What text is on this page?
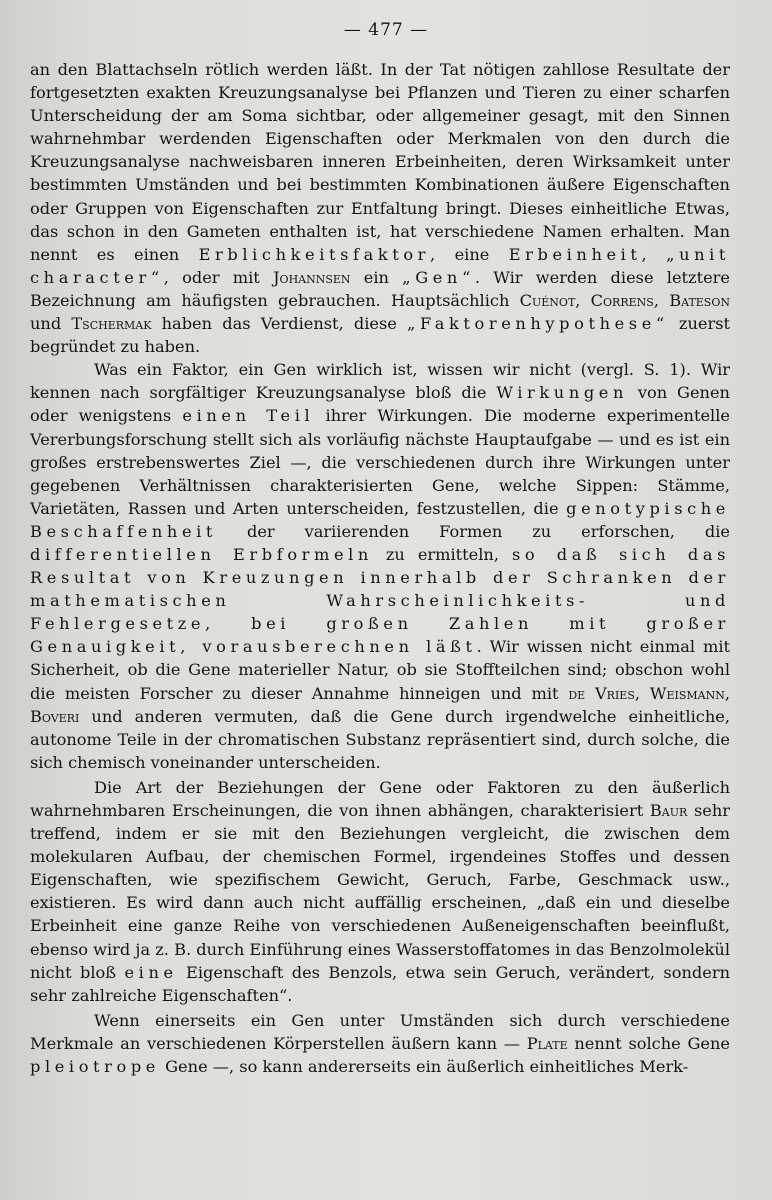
— 477 —

an den Blattachseln rötlich werden läßt. In der Tat nötigen zahllose Resultate der fortgesetzten exakten Kreuzungsanalyse bei Pflanzen und Tieren zu einer scharfen Unterscheidung der am Soma sichtbar, oder allgemeiner gesagt, mit den Sinnen wahrnehmbar werdenden Eigenschaften oder Merkmalen von den durch die Kreuzungsanalyse nachweisbaren inneren Erbeinheiten, deren Wirksamkeit unter bestimmten Umständen und bei bestimmten Kombinationen äußere Eigenschaften oder Gruppen von Eigenschaften zur Entfaltung bringt. Dieses einheitliche Etwas, das schon in den Gameten enthalten ist, hat verschiedene Namen erhalten. Man nennt es einen Erblichkeitsfaktor, eine Erbeinheit, „unit character“, oder mit Johannsen ein „Gen“. Wir werden diese letztere Bezeichnung am häufigsten gebrauchen. Hauptsächlich Cuénot, Correns, Bateson und Tschermak haben das Verdienst, diese „Faktorenhypothese“ zuerst begründet zu haben.

Was ein Faktor, ein Gen wirklich ist, wissen wir nicht (vergl. S. 1). Wir kennen nach sorgfältiger Kreuzungsanalyse bloß die Wirkungen von Genen oder wenigstens einen Teil ihrer Wirkungen. Die moderne experimentelle Vererbungsforschung stellt sich als vorläufig nächste Hauptaufgabe — und es ist ein großes erstrebenswertes Ziel —, die verschiedenen durch ihre Wirkungen unter gegebenen Verhältnissen charakterisierten Gene, welche Sippen: Stämme, Varietäten, Rassen und Arten unterscheiden, festzustellen, die genotypische Beschaffenheit der variierenden Formen zu erforschen, die differentiellen Erbformeln zu ermitteln, so daß sich das Resultat von Kreuzungen innerhalb der Schranken der mathematischen Wahrscheinlichkeits- und Fehlergesetze, bei großen Zahlen mit großer Genauigkeit, vorausberechnen läßt. Wir wissen nicht einmal mit Sicherheit, ob die Gene materieller Natur, ob sie Stoffteilchen sind; obschon wohl die meisten Forscher zu dieser Annahme hinneigen und mit de Vries, Weismann, Boveri und anderen vermuten, daß die Gene durch irgendwelche einheitliche, autonome Teile in der chromatischen Substanz repräsentiert sind, durch solche, die sich chemisch voneinander unterscheiden.

Die Art der Beziehungen der Gene oder Faktoren zu den äußerlich wahrnehmbaren Erscheinungen, die von ihnen abhängen, charakterisiert Baur sehr treffend, indem er sie mit den Beziehungen vergleicht, die zwischen dem molekularen Aufbau, der chemischen Formel, irgendeines Stoffes und dessen Eigenschaften, wie spezifischem Gewicht, Geruch, Farbe, Geschmack usw., existieren. Es wird dann auch nicht auffällig erscheinen, „daß ein und dieselbe Erbeinheit eine ganze Reihe von verschiedenen Außeneigenschaften beeinflußt, ebenso wird ja z. B. durch Einführung eines Wasserstoffatomes in das Benzolmolekül nicht bloß eine Eigenschaft des Benzols, etwa sein Geruch, verändert, sondern sehr zahlreiche Eigenschaften“.

Wenn einerseits ein Gen unter Umständen sich durch verschiedene Merkmale an verschiedenen Körperstellen äußern kann — Plate nennt solche Gene pleiotrope Gene —, so kann andererseits ein äußerlich einheitliches Merk-
